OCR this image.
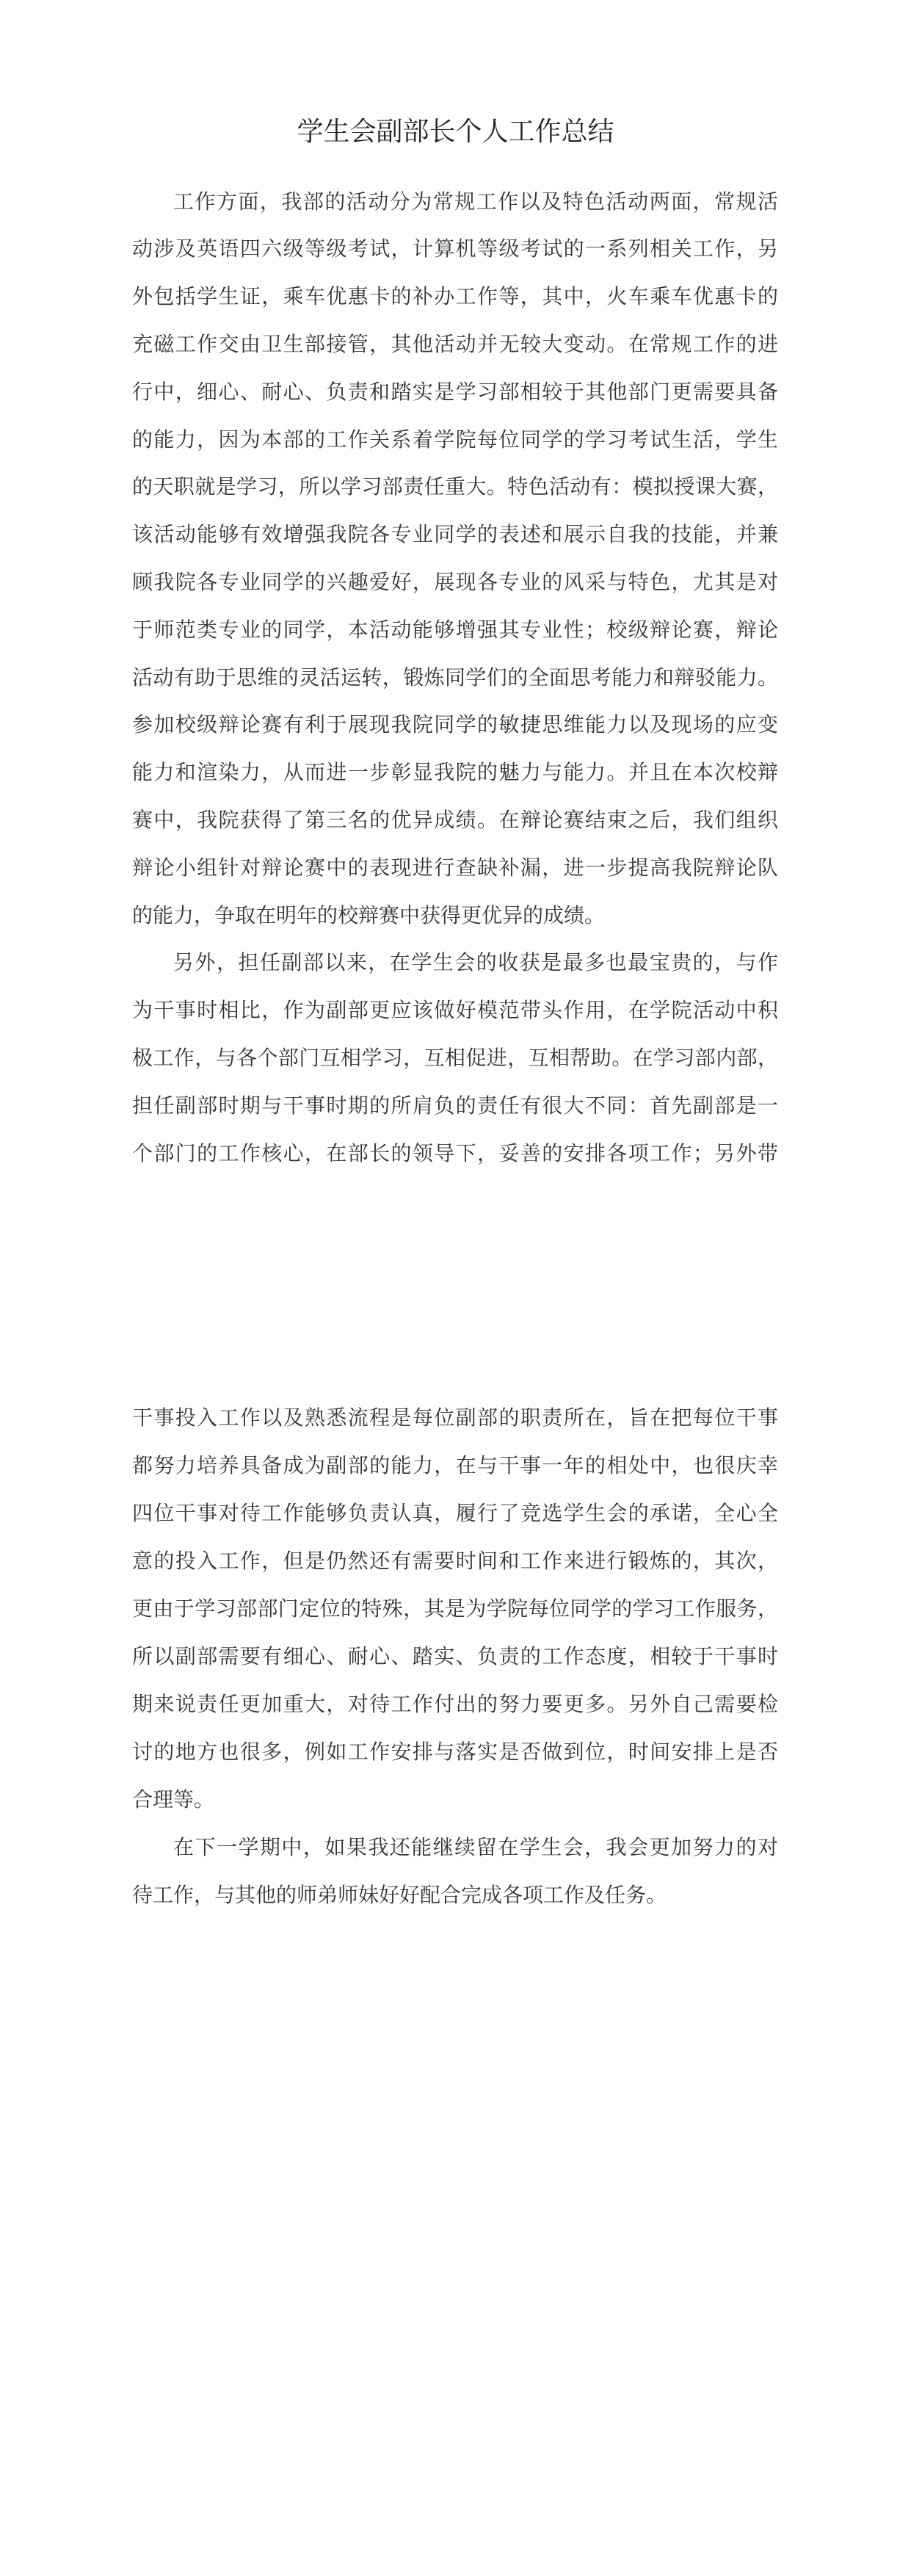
学生会副部长个人工作总结
工作方面，我部的活动分为常规工作以及特色活动两面，常规活
动涉及英语四六级等级考试，计算机等级考试的一系列相关工作，另
外包括学生证，乘车优惠卡的补办工作等，其中，火车乘车优惠卡的
充磁工作交由卫生部接管，其他活动并无较大变动。在常规工作的进
行中，细心、耐心、负责和踏实是学习部相较于其他部门更需要具备
的能力，因为本部的工作关系着学院每位同学的学习考试生活，学生
的天职就是学习，所以学习部责任重大。特色活动有：模拟授课大赛，
该活动能够有效增强我院各专业同学的表述和展示自我的技能，并兼
顾我院各专业同学的兴趣爱好，展现各专业的风采与特色，尤其是对
于师范类专业的同学，本活动能够增强其专业性；校级辩论赛，辩论
活动有助于思维的灵活运转，锻炼同学们的全面思考能力和辩驳能力。
参加校级辩论赛有利于展现我院同学的敏捷思维能力以及现场的应变
能力和渲染力，从而进一步彰显我院的魅力与能力。并且在本次校辩
赛中，我院获得了第三名的优异成绩。在辩论赛结束之后，我们组织
辩论小组针对辩论赛中的表现进行查缺补漏，进一步提高我院辩论队
的能力，争取在明年的校辩赛中获得更优异的成绩。
另外，担任副部以来，在学生会的收获是最多也最宝贵的，与作
为干事时相比，作为副部更应该做好模范带头作用，在学院活动中积
极工作，与各个部门互相学习，互相促进，互相帮助。在学习部内部，
担任副部时期与干事时期的所肩负的责任有很大不同：首先副部是一
个部门的工作核心，在部长的领导下，妥善的安排各项工作；另外带
干事投入工作以及熟悉流程是每位副部的职责所在，旨在把每位干事
都努力培养具备成为副部的能力，在与干事一年的相处中，也很庆幸
四位干事对待工作能够负责认真，履行了竞选学生会的承诺，全心全
意的投入工作，但是仍然还有需要时间和工作来进行锻炼的，其次，
更由于学习部部门定位的特殊，其是为学院每位同学的学习工作服务，
所以副部需要有细心、耐心、踏实、负责的工作态度，相较于干事时
期来说责任更加重大，对待工作付出的努力要更多。另外自己需要检
讨的地方也很多，例如工作安排与落实是否做到位，时间安排上是否
合理等。
在下一学期中，如果我还能继续留在学生会，我会更加努力的对
待工作，与其他的师弟师妹好好配合完成各项工作及任务。
